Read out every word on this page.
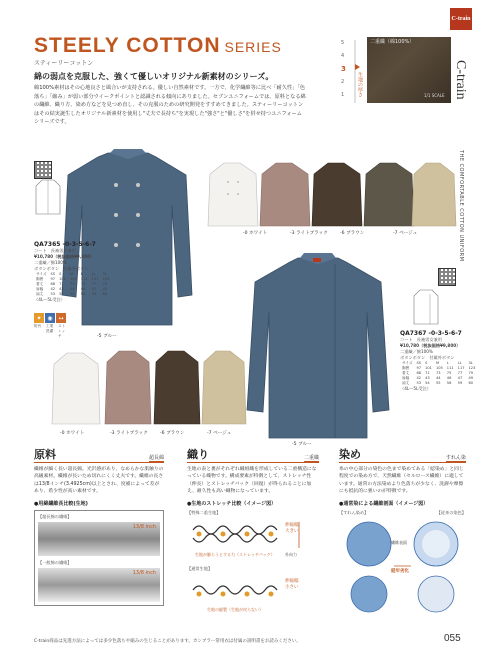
STEELY COTTON SERIES
スティーリーコットン
綿の弱点を克服した、強くて優しいオリジナル新素材のシリーズ。
綿100%素材はその心地良さと風合いが支持される。優しい自然素材です。一方で、化学繊維等に比べ「耐久性」「色落ち」「縮み」が弱い部分ウイークポイントと認識される傾向にありました。セブンユニフォームでは、原料となる綿の繊維、織り方、染め方などを見つめ直し、その克服のための研究開発をすすめてきました。スティーリーコットンはその結実誕生したオリジナル新素材を使用し"丈夫で長持ち"を実現した"強さ"と"優しさ"を併せ持つユニフォームシリーズです。
C-train
C-train
THE COMFORTABLE COTTON UNIFORM
5
4
3
2
1	生地の厚さ
二重織（綿100%）
1/1 SCALE
-5 ブルー
-0 ホワイト	-3 ライトブラック	-6 ブラウン	-7 ベージュ
QA7365 -0-3-5-6-7
コート　長袖男女兼用
¥10,780（税抜価格¥9,800）
二重織／綿100%
ボタンボタン　付属外ボタン
サイズ	SS	S	M	L	LL	3L
胸囲	97	101	105	111	117	123
着丈	68	71	73	75	77	79
肩幅	42	43	44	46	47	49
袖丈	53	54	55	58	59	60
（4L〜5L受注）
✦ ◉ ↔
防汚	工業洗濯
ストレッチ
-5 ブルー
QA7367 -0-3-5-6-7
コート　長袖男女兼用
¥10,780（税抜価格¥9,800）
二重織／綿100%
ボタンボタン　付属外ボタン
サイズ	SS	S	M	L	LL	3L
胸囲	97	101	105	111	117	123
着丈	68	71	73	75	77	79
肩幅	42	43	44	46	47	49
袖丈	53	54	55	58	59	60
（4L〜5L受注）
-0 ホワイト	-3 ライトブラック	-6 ブラウン	-7 ベージュ
原料	超長綿
繊維が細く長い超長綿。光沢感があり、なめらかな肌触りの高級素材。繊維が長いため切れにくく丈夫です。繊維の長さは13/8インチ(3.4925cm)以上とされ、度補によって差があり、希少性が高い素材です。
●用綿繊維長比較(生地)
【超長綿の繊維】
13/8 inch
【一般綿の繊維】
13/8 inch
織り	二重織
生地の表と裏がそれぞれ織組織を形成している二重構造になっている織物です。構成要素が特徴として、ストレッチ性（伸長）とストレッチバック（回復）が得られることに加え、耐久性も高い織物になっています。
●生地のストレッチ比較（イメージ図）
【特殊二重生地】
伸縮幅大きい
生地が膨らうとする力（ストレッチバック）	外向力
【通常生地】
伸縮幅小さい
生地の縫製（生地が戻らない）
染め	すれん染
糸の中心部分の染色の色まで染めてある「綛染め」と同じ程度での染め方で、天然繊維（セルロース繊維）に適しています。通常の方法染めより色落ちが少なく、洗濯や摩擦にも抵抗的に強いのが特徴です。
●通常染による繊維剖面（イメージ図）
【すれん染め】	【従来の染色】
繊維表面
経年劣化
C-train商品は先進方法によっては多少色落ちや縮みの生じることがあります。カンブラー常用衣は付属の説明書をお読みください。	055
